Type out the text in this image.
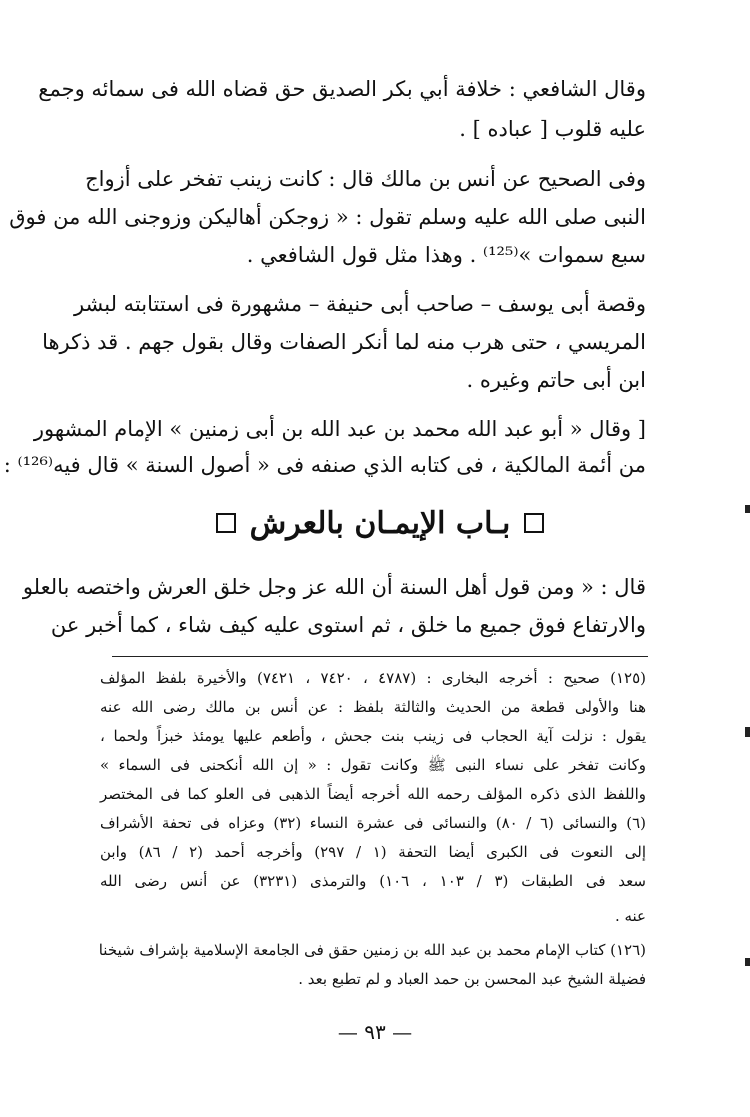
وقال الشافعي : خلافة أبي بكر الصديق حق قضاه الله فى سمائه وجمع
عليه قلوب [ عباده ] .
وفى الصحيح عن أنس بن مالك قال : كانت زينب تفخر على أزواج
النبى صلى الله عليه وسلم تقول : « زوجكن أهاليكن وزوجنى الله من فوق
سبع سموات »⁽¹²⁵⁾ . وهذا مثل قول الشافعي .
وقصة أبى يوسف – صاحب أبى حنيفة – مشهورة فى استتابته لبشر
المريسي ، حتى هرب منه لما أنكر الصفات وقال بقول جهم . قد ذكرها
ابن أبى حاتم وغيره .
[ وقال « أبو عبد الله محمد بن عبد الله بن أبى زمنين » الإمام المشهور
من أئمة المالكية ، فى كتابه الذي صنفه فى « أصول السنة » قال فيه⁽¹²⁶⁾ :
قال : « ومن قول أهل السنة أن الله عز وجل خلق العرش واختصه بالعلو
والارتفاع فوق جميع ما خلق ، ثم استوى عليه كيف شاء ، كما أخبر عن
بـاب الإيمـان بالعرش
(١٢٥) صحيح : أخرجه البخارى : (٤٧٨٧ ، ٧٤٢٠ ، ٧٤٢١) والأخيرة بلفظ المؤلف
هنا والأولى قطعة من الحديث والثالثة بلفظ : عن أنس بن مالك رضى الله عنه
يقول : نزلت آية الحجاب فى زينب بنت جحش ، وأطعم عليها يومئذ خبزاً ولحما ،
وكانت تفخر على نساء النبى ﷺ وكانت تقول : « إن الله أنكحنى فى السماء »
واللفظ الذى ذكره المؤلف رحمه الله أخرجه أيضاً الذهبى فى العلو كما فى المختصر
(٦) والنسائى (٦ / ٨٠) والنسائى فى عشرة النساء (٣٢) وعزاه فى تحفة الأشراف
إلى النعوت فى الكبرى أيضا التحفة (١ / ٢٩٧) وأخرجه أحمد (٢ / ٨٦) وابن
سعد فى الطبقات (٣ / ١٠٣ ، ١٠٦) والترمذى (٣٢٣١) عن أنس رضى الله
عنه .
(١٢٦) كتاب الإمام محمد بن عبد الله بن زمنين حقق فى الجامعة الإسلامية بإشراف شيخنا
فضيلة الشيخ عبد المحسن بن حمد العباد و لم تطبع بعد .
— ٩٣ —
